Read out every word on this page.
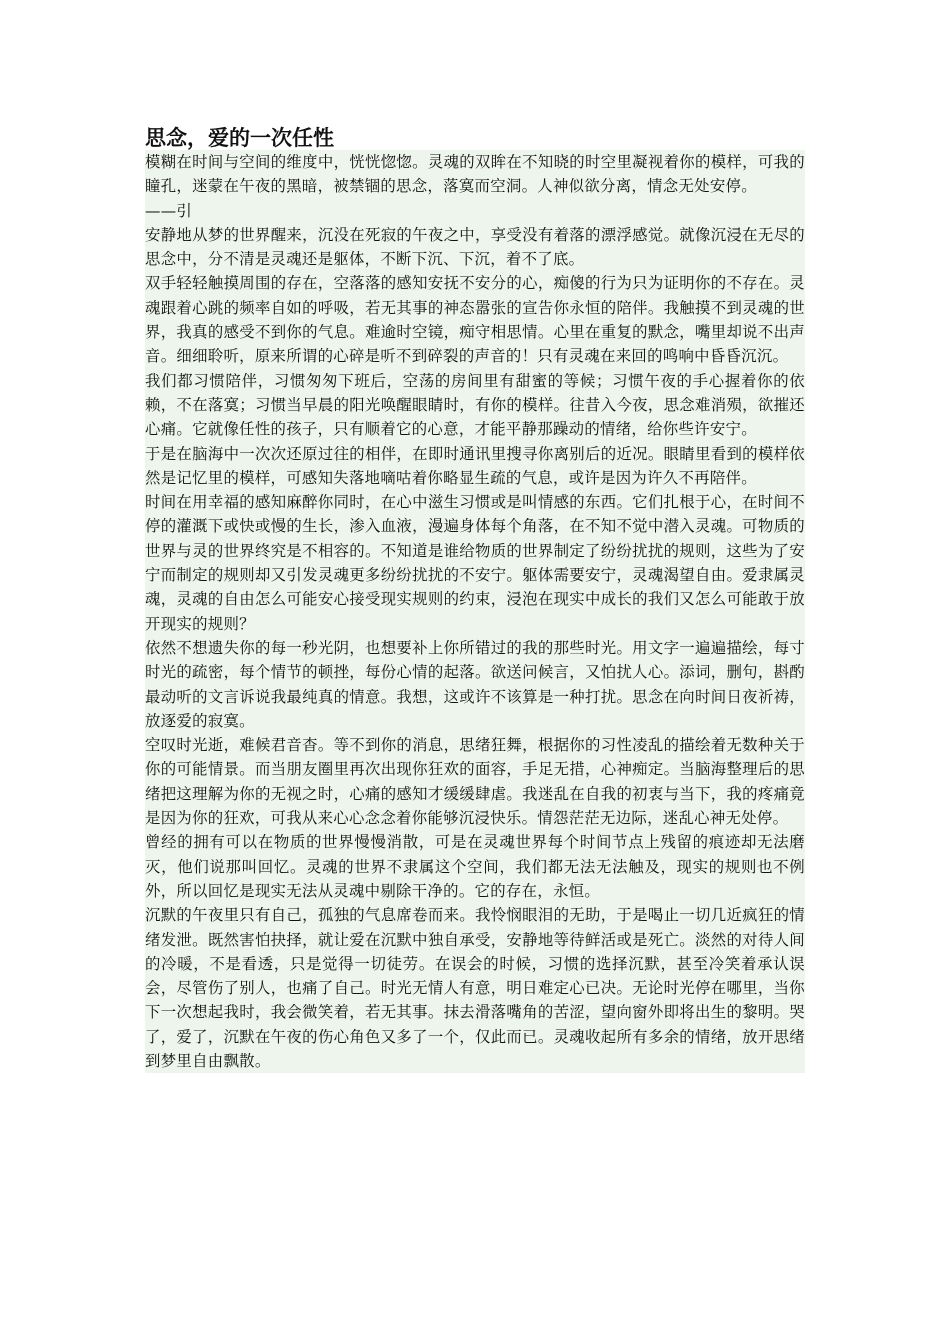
思念，爱的一次任性

模糊在时间与空间的维度中，恍恍惚惚。灵魂的双眸在不知晓的时空里凝视着你的模样，可我的瞳孔，迷蒙在午夜的黑暗，被禁锢的思念，落寞而空洞。人神似欲分离，情念无处安停。

——引

安静地从梦的世界醒来，沉没在死寂的午夜之中，享受没有着落的漂浮感觉。就像沉浸在无尽的思念中，分不清是灵魂还是躯体，不断下沉、下沉，着不了底。

双手轻轻触摸周围的存在，空落落的感知安抚不安分的心，痴傻的行为只为证明你的不存在。灵魂跟着心跳的频率自如的呼吸，若无其事的神态嚣张的宣告你永恒的陪伴。我触摸不到灵魂的世界，我真的感受不到你的气息。难逾时空镜，痴守相思情。心里在重复的默念，嘴里却说不出声音。细细聆听，原来所谓的心碎是听不到碎裂的声音的！只有灵魂在来回的鸣响中昏昏沉沉。

我们都习惯陪伴，习惯匆匆下班后，空荡的房间里有甜蜜的等候；习惯午夜的手心握着你的依赖，不在落寞；习惯当早晨的阳光唤醒眼睛时，有你的模样。往昔入今夜，思念难消殒，欲摧还心痛。它就像任性的孩子，只有顺着它的心意，才能平静那躁动的情绪，给你些许安宁。

于是在脑海中一次次还原过往的相伴，在即时通讯里搜寻你离别后的近况。眼睛里看到的模样依然是记忆里的模样，可感知失落地嘀咕着你略显生疏的气息，或许是因为许久不再陪伴。

时间在用幸福的感知麻醉你同时，在心中滋生习惯或是叫情感的东西。它们扎根于心，在时间不停的灌溉下或快或慢的生长，渗入血液，漫遍身体每个角落，在不知不觉中潜入灵魂。可物质的世界与灵的世界终究是不相容的。不知道是谁给物质的世界制定了纷纷扰扰的规则，这些为了安宁而制定的规则却又引发灵魂更多纷纷扰扰的不安宁。躯体需要安宁，灵魂渴望自由。爱隶属灵魂，灵魂的自由怎么可能安心接受现实规则的约束，浸泡在现实中成长的我们又怎么可能敢于放开现实的规则？

依然不想遗失你的每一秒光阴，也想要补上你所错过的我的那些时光。用文字一遍遍描绘，每寸时光的疏密，每个情节的顿挫，每份心情的起落。欲送问候言，又怕扰人心。添词，删句，斟酌最动听的文言诉说我最纯真的情意。我想，这或许不该算是一种打扰。思念在向时间日夜祈祷，放逐爱的寂寞。

空叹时光逝，难候君音杳。等不到你的消息，思绪狂舞，根据你的习性凌乱的描绘着无数种关于你的可能情景。而当朋友圈里再次出现你狂欢的面容，手足无措，心神痴定。当脑海整理后的思绪把这理解为你的无视之时，心痛的感知才缓缓肆虐。我迷乱在自我的初衷与当下，我的疼痛竟是因为你的狂欢，可我从来心心念念着你能够沉浸快乐。情怨茫茫无边际，迷乱心神无处停。

曾经的拥有可以在物质的世界慢慢消散，可是在灵魂世界每个时间节点上残留的痕迹却无法磨灭，他们说那叫回忆。灵魂的世界不隶属这个空间，我们都无法无法触及，现实的规则也不例外，所以回忆是现实无法从灵魂中剔除干净的。它的存在，永恒。

沉默的午夜里只有自己，孤独的气息席卷而来。我怜悯眼泪的无助，于是喝止一切几近疯狂的情绪发泄。既然害怕抉择，就让爱在沉默中独自承受，安静地等待鲜活或是死亡。淡然的对待人间的冷暖，不是看透，只是觉得一切徒劳。在误会的时候，习惯的选择沉默，甚至冷笑着承认误会，尽管伤了别人，也痛了自己。时光无情人有意，明日难定心已决。无论时光停在哪里，当你下一次想起我时，我会微笑着，若无其事。抹去滑落嘴角的苦涩，望向窗外即将出生的黎明。哭了，爱了，沉默在午夜的伤心角色又多了一个，仅此而已。灵魂收起所有多余的情绪，放开思绪到梦里自由飘散。
